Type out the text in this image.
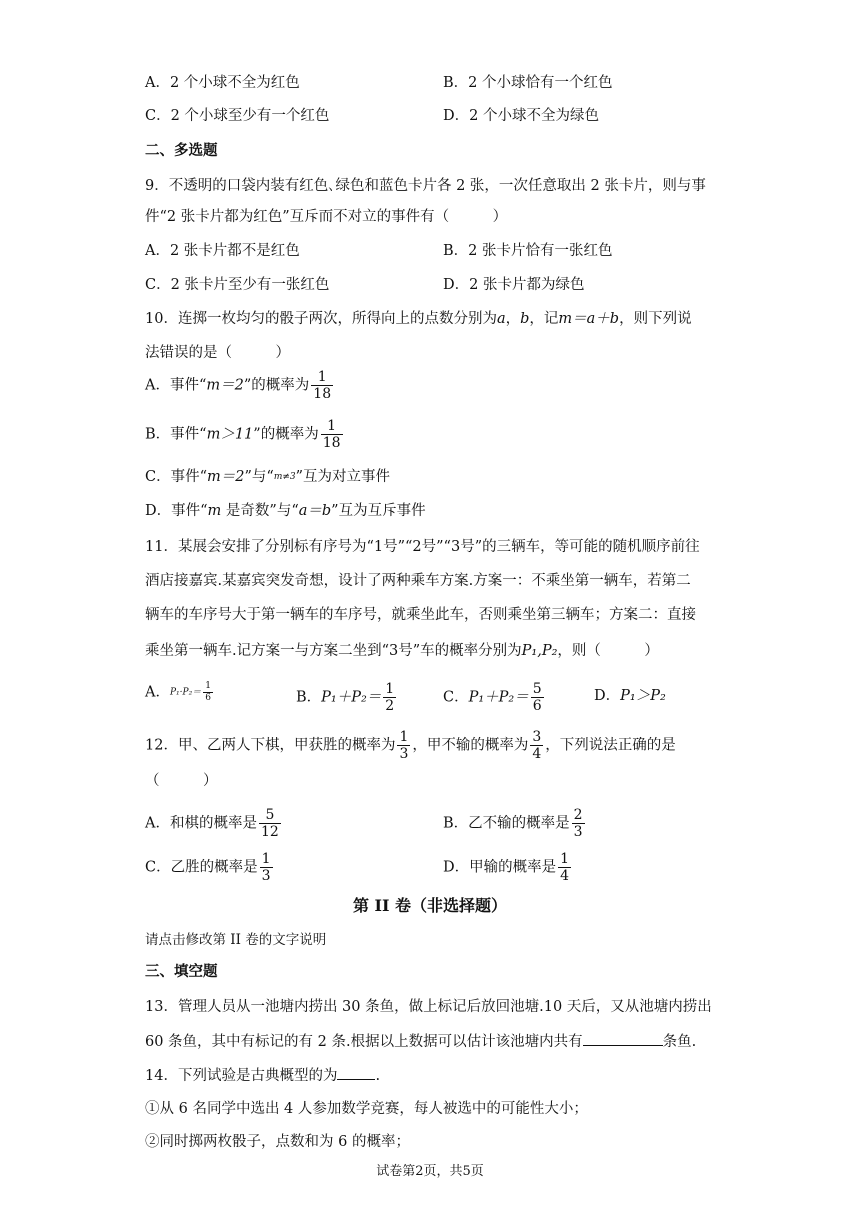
A．2 个小球不全为红色	B．2 个小球恰有一个红色
C．2 个小球至少有一个红色	D．2 个小球不全为绿色
二、多选题
9．不透明的口袋内装有红色､绿色和蓝色卡片各 2 张，一次任意取出 2 张卡片，则与事
件“2 张卡片都为红色”互斥而不对立的事件有（　　　）
A．2 张卡片都不是红色	B．2 张卡片恰有一张红色
C．2 张卡片至少有一张红色	D．2 张卡片都为绿色
10．连掷一枚均匀的骰子两次，所得向上的点数分别为a，b，记m＝a＋b，则下列说
法错误的是（　　　）
A．事件“m＝2”的概率为 $\frac{1}{18}$
B．事件“m＞11”的概率为 $\frac{1}{18}$
C．事件“m＝2”与“m≠3”互为对立事件
D．事件“m 是奇数”与“a＝b”互为互斥事件
11．某展会安排了分别标有序号为“1号”“2号”“3号”的三辆车，等可能的随机顺序前往
酒店接嘉宾.某嘉宾突发奇想，设计了两种乘车方案.方案一：不乘坐第一辆车，若第二
辆车的车序号大于第一辆车的车序号，就乘坐此车，否则乘坐第三辆车；方案二：直接
乘坐第一辆车.记方案一与方案二坐到“3号”车的概率分别为P₁,P₂，则（　　　）
A．$P_1\cdot P_2= \frac{1}{6}$	B．$P_1+P_2= \frac{1}{2}$	C．$P_1+P_2= \frac{5}{6}$	D．P₁＞P₂
12．甲、乙两人下棋，甲获胜的概率为 $\frac{1}{3}$ ，甲不输的概率为 $\frac{3}{4}$ ，下列说法正确的是
（　　　）
A．和棋的概率是 $\frac{5}{12}$	B．乙不输的概率是 $\frac{2}{3}$
C．乙胜的概率是 $\frac{1}{3}$	D．甲输的概率是 $\frac{1}{4}$
第 II 卷（非选择题）
请点击修改第 II 卷的文字说明
三、填空题
13．管理人员从一池塘内捞出 30 条鱼，做上标记后放回池塘.10 天后，又从池塘内捞出
60 条鱼，其中有标记的有 2 条.根据以上数据可以估计该池塘内共有	条鱼.
14．下列试验是古典概型的为	.
①从 6 名同学中选出 4 人参加数学竞赛，每人被选中的可能性大小；
②同时掷两枚骰子，点数和为 6 的概率；
试卷第2页，共5页
